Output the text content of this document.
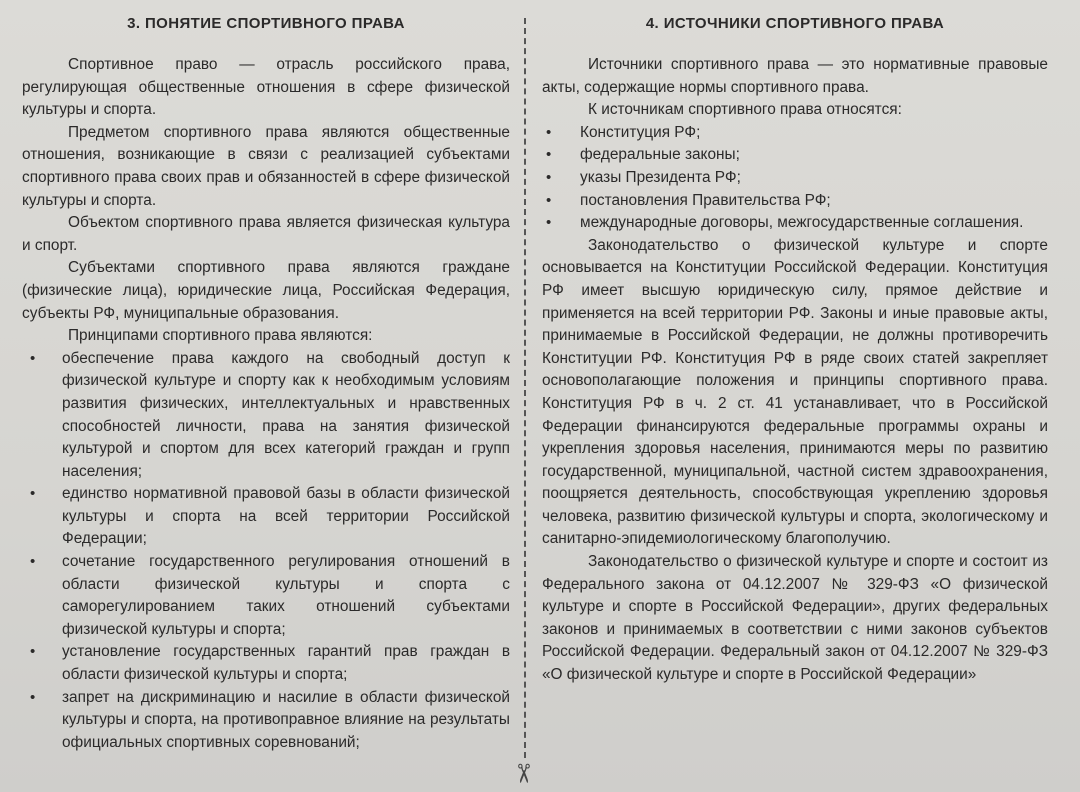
3. ПОНЯТИЕ СПОРТИВНОГО ПРАВА

Спортивное право — отрасль российского права, регулирующая общественные отношения в сфере физической культуры и спорта.

Предметом спортивного права являются общественные отношения, возникающие в связи с реализацией субъектами спортивного права своих прав и обязанностей в сфере физической культуры и спорта.

Объектом спортивного права является физическая культура и спорт.

Субъектами спортивного права являются граждане (физические лица), юридические лица, Российская Федерация, субъекты РФ, муниципальные образования.

Принципами спортивного права являются:

• обеспечение права каждого на свободный доступ к физической культуре и спорту как к необходимым условиям развития физических, интеллектуальных и нравственных способностей личности, права на занятия физической культурой и спортом для всех категорий граждан и групп населения;
• единство нормативной правовой базы в области физической культуры и спорта на всей территории Российской Федерации;
• сочетание государственного регулирования отношений в области физической культуры и спорта с саморегулированием таких отношений субъектами физической культуры и спорта;
• установление государственных гарантий прав граждан в области физической культуры и спорта;
• запрет на дискриминацию и насилие в области физической культуры и спорта, на противоправное влияние на результаты официальных спортивных соревнований;
✂
4. ИСТОЧНИКИ СПОРТИВНОГО ПРАВА

Источники спортивного права — это нормативные правовые акты, содержащие нормы спортивного права.

К источникам спортивного права относятся:

• Конституция РФ;
• федеральные законы;
• указы Президента РФ;
• постановления Правительства РФ;
• международные договоры, межгосударственные соглашения.

Законодательство о физической культуре и спорте основывается на Конституции Российской Федерации. Конституция РФ имеет высшую юридическую силу, прямое действие и применяется на всей территории РФ. Законы и иные правовые акты, принимаемые в Российской Федерации, не должны противоречить Конституции РФ. Конституция РФ в ряде своих статей закрепляет основополагающие положения и принципы спортивного права. Конституция РФ в ч. 2 ст. 41 устанавливает, что в Российской Федерации финансируются федеральные программы охраны и укрепления здоровья населения, принимаются меры по развитию государственной, муниципальной, частной систем здравоохранения, поощряется деятельность, способствующая укреплению здоровья человека, развитию физической культуры и спорта, экологическому и санитарно-эпидемиологическому благополучию.

Законодательство о физической культуре и спорте и состоит из Федерального закона от 04.12.2007 № 329-ФЗ «О физической культуре и спорте в Российской Федерации», других федеральных законов и принимаемых в соответствии с ними законов субъектов Российской Федерации. Федеральный закон от 04.12.2007 № 329-ФЗ «О физической культуре и спорте в Российской Федерации»
